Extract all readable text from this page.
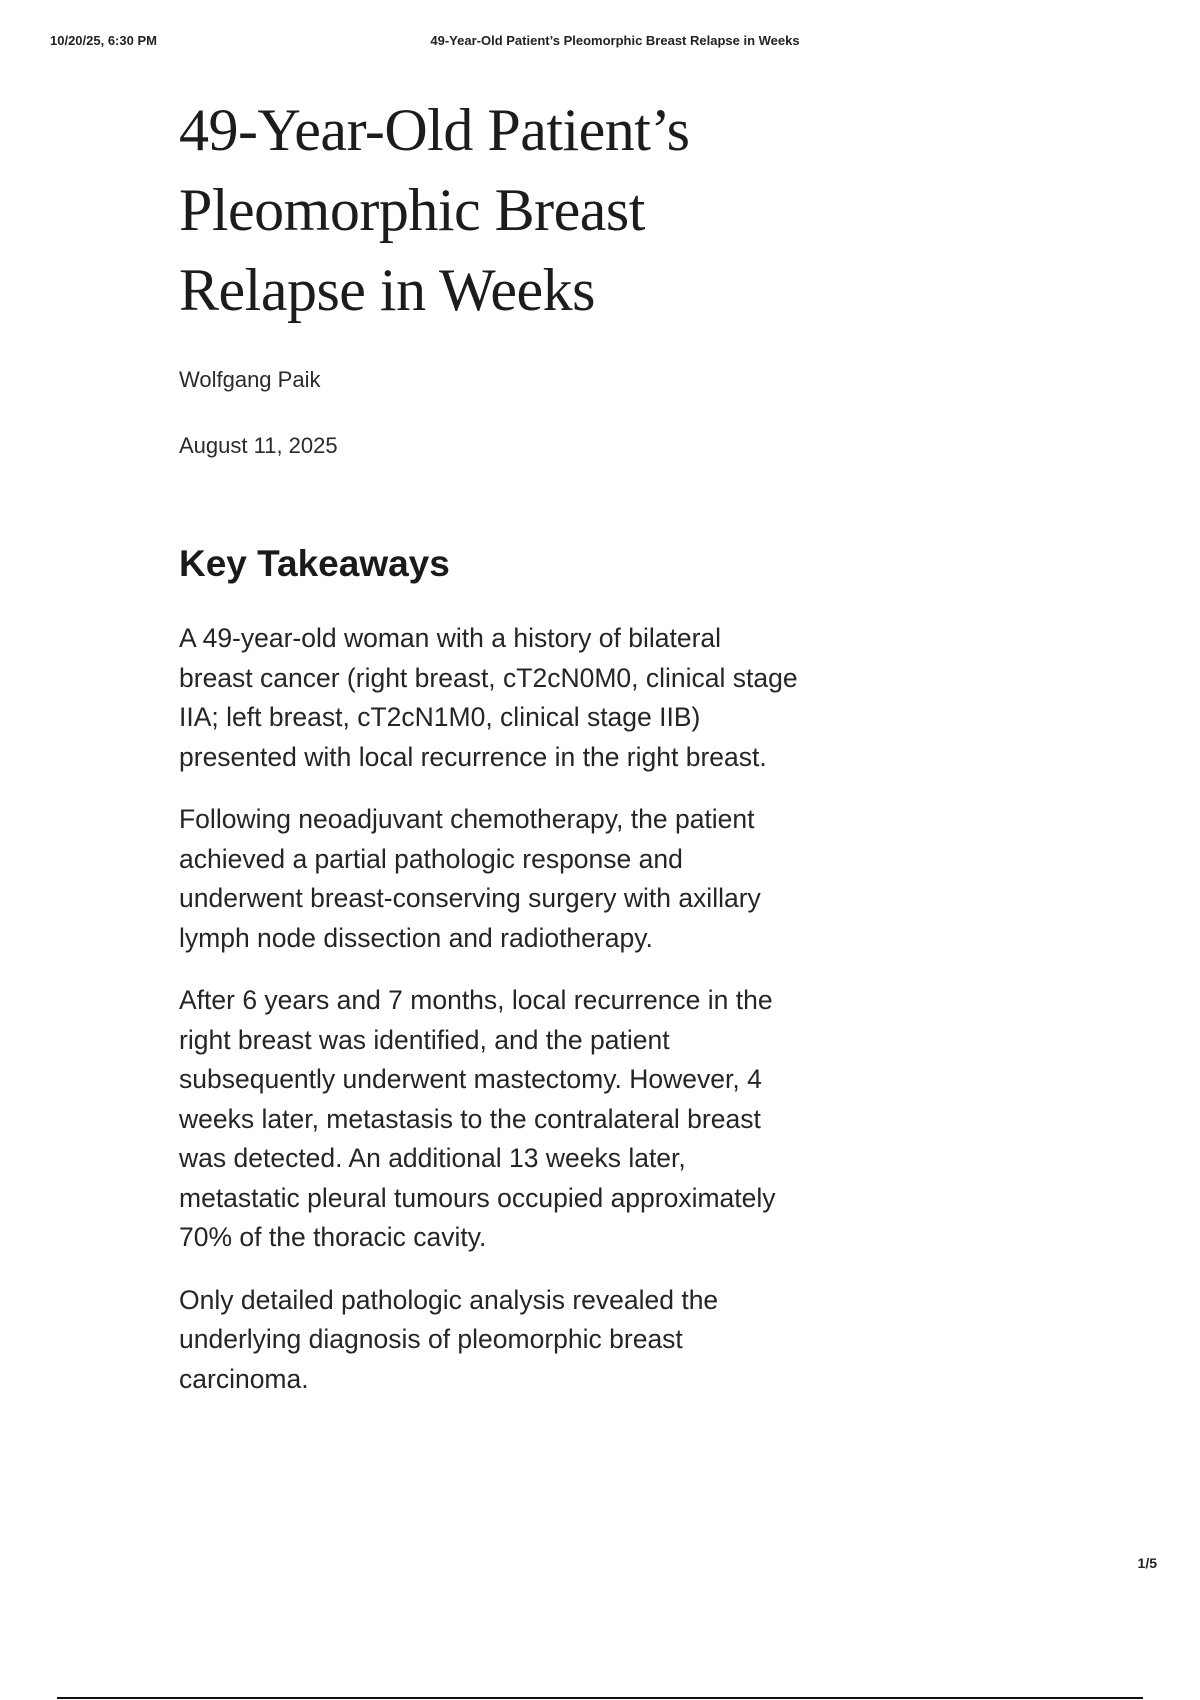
10/20/25, 6:30 PM	49-Year-Old Patient’s Pleomorphic Breast Relapse in Weeks
49-Year-Old Patient’s Pleomorphic Breast Relapse in Weeks
Wolfgang Paik
August 11, 2025
Key Takeaways

A 49-year-old woman with a history of bilateral breast cancer (right breast, cT2cN0M0, clinical stage IIA; left breast, cT2cN1M0, clinical stage IIB) presented with local recurrence in the right breast.

Following neoadjuvant chemotherapy, the patient achieved a partial pathologic response and underwent breast-conserving surgery with axillary lymph node dissection and radiotherapy.

After 6 years and 7 months, local recurrence in the right breast was identified, and the patient subsequently underwent mastectomy. However, 4 weeks later, metastasis to the contralateral breast was detected. An additional 13 weeks later, metastatic pleural tumours occupied approximately 70% of the thoracic cavity.

Only detailed pathologic analysis revealed the underlying diagnosis of pleomorphic breast carcinoma.

1/5
